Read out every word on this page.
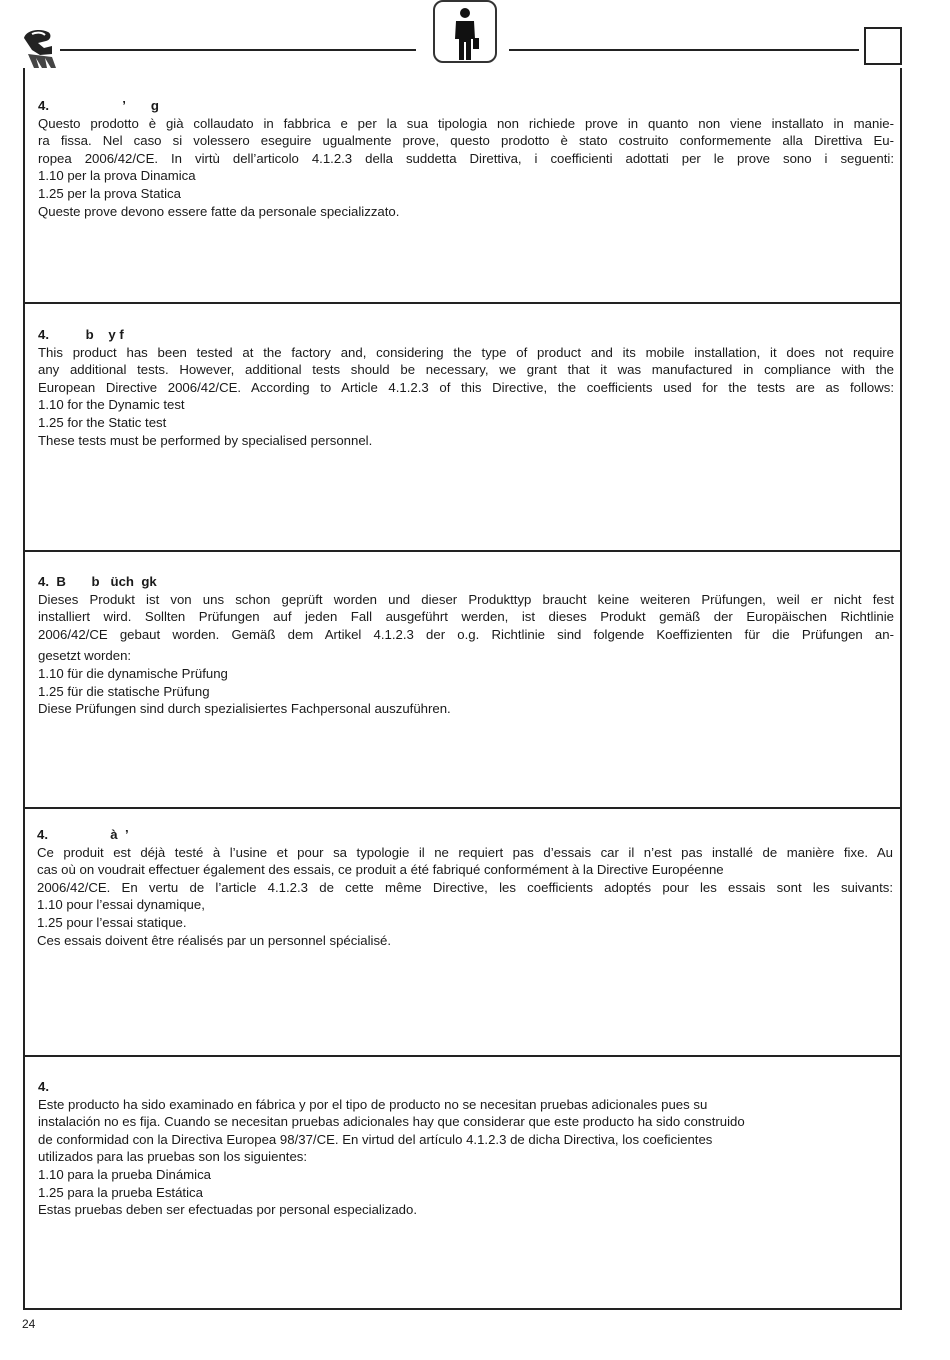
4.                    ’       g
Questo prodotto è già collaudato in fabbrica e per la sua tipologia non richiede prove in quanto non viene installato in manie-
ra fissa. Nel caso si volessero eseguire ugualmente prove, questo prodotto è stato costruito conformemente alla Direttiva Eu-
ropea 2006/42/CE. In virtù dell’articolo 4.1.2.3 della suddetta Direttiva, i coefficienti adottati per le prove sono i seguenti:
1.10 per la prova Dinamica
1.25 per la prova Statica
Queste prove devono essere fatte da personale specializzato.
4.          b    y f
This product has been tested at the factory and, considering the type of product and its mobile installation, it does not require
any additional tests. However, additional tests should be necessary, we grant that it was manufactured in compliance with the
European Directive 2006/42/CE. According to Article 4.1.2.3 of this Directive, the coefficients used for the tests are as follows:
1.10 for the Dynamic test
1.25 for the Static test
These tests must be performed by specialised personnel.
4.  B       b   üch  gk
Dieses Produkt ist von uns schon geprüft worden und dieser Produkttyp braucht keine weiteren Prüfungen, weil er nicht fest
installiert wird. Sollten Prüfungen auf jeden Fall ausgeführt werden, ist dieses Produkt gemäß der Europäischen Richtlinie
2006/42/CE gebaut worden. Gemäß dem Artikel 4.1.2.3 der o.g. Richtlinie sind folgende Koeffizienten für die Prüfungen an-
gesetzt worden:
1.10 für die dynamische Prüfung
1.25 für die statische Prüfung
Diese Prüfungen sind durch spezialisiertes Fachpersonal auszuführen.
4.                 à  ’
Ce produit est déjà testé à l’usine et pour sa typologie il ne requiert pas d’essais car il n’est pas installé de manière fixe. Au
cas où on voudrait effectuer également des essais, ce produit a été fabriqué conformément à la Directive Européenne
2006/42/CE. En vertu de l’article 4.1.2.3 de cette même Directive, les coefficients adoptés pour les essais sont les suivants:
1.10 pour l’essai dynamique,
1.25 pour l’essai statique.
Ces essais doivent être réalisés par un personnel spécialisé.
4.
Este producto ha sido examinado en fábrica y por el tipo de producto no se necesitan pruebas adicionales pues su
instalación no es fija. Cuando se necesitan pruebas adicionales hay que considerar que este producto ha sido construido
de conformidad con la Directiva Europea 98/37/CE. En virtud del artículo 4.1.2.3 de dicha Directiva, los coeficientes
utilizados para las pruebas son los siguientes:
1.10 para la prueba Dinámica
1.25 para la prueba Estática
Estas pruebas deben ser efectuadas por personal especializado.
24
